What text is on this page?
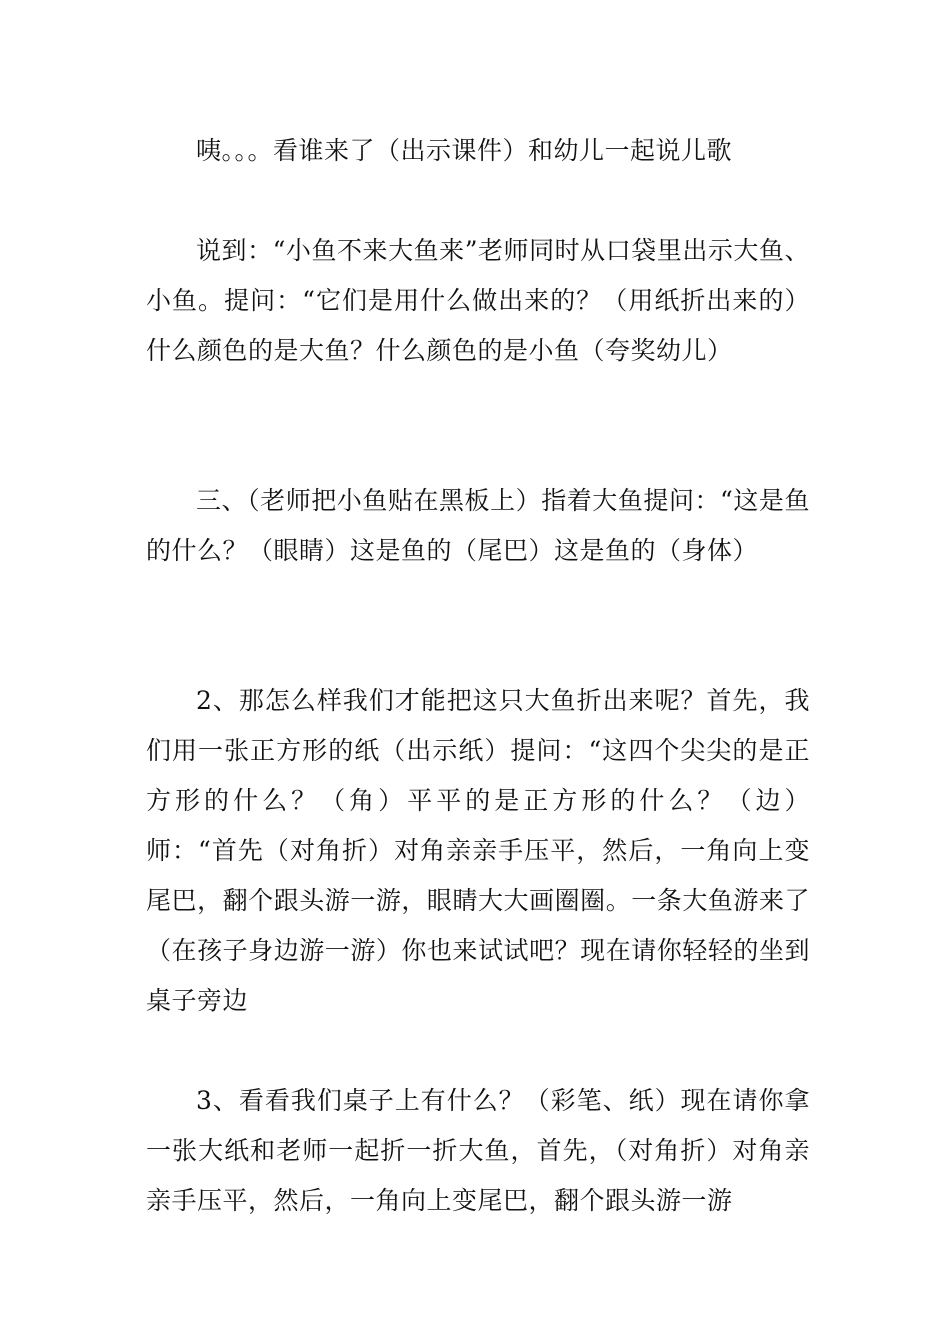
咦。。。看谁来了（出示课件）和幼儿一起说儿歌

说到：“小鱼不来大鱼来”老师同时从口袋里出示大鱼、小鱼。提问：“它们是用什么做出来的？（用纸折出来的）什么颜色的是大鱼？什么颜色的是小鱼（夸奖幼儿）

三、（老师把小鱼贴在黑板上）指着大鱼提问：“这是鱼的什么？（眼睛）这是鱼的（尾巴）这是鱼的（身体）

2、那怎么样我们才能把这只大鱼折出来呢？首先，我们用一张正方形的纸（出示纸）提问：“这四个尖尖的是正方形的什么？（角）平平的是正方形的什么？（边）师：“首先（对角折）对角亲亲手压平，然后，一角向上变尾巴，翻个跟头游一游，眼睛大大画圈圈。一条大鱼游来了（在孩子身边游一游）你也来试试吧？现在请你轻轻的坐到桌子旁边

3、看看我们桌子上有什么？（彩笔、纸）现在请你拿一张大纸和老师一起折一折大鱼，首先，（对角折）对角亲亲手压平，然后，一角向上变尾巴，翻个跟头游一游
